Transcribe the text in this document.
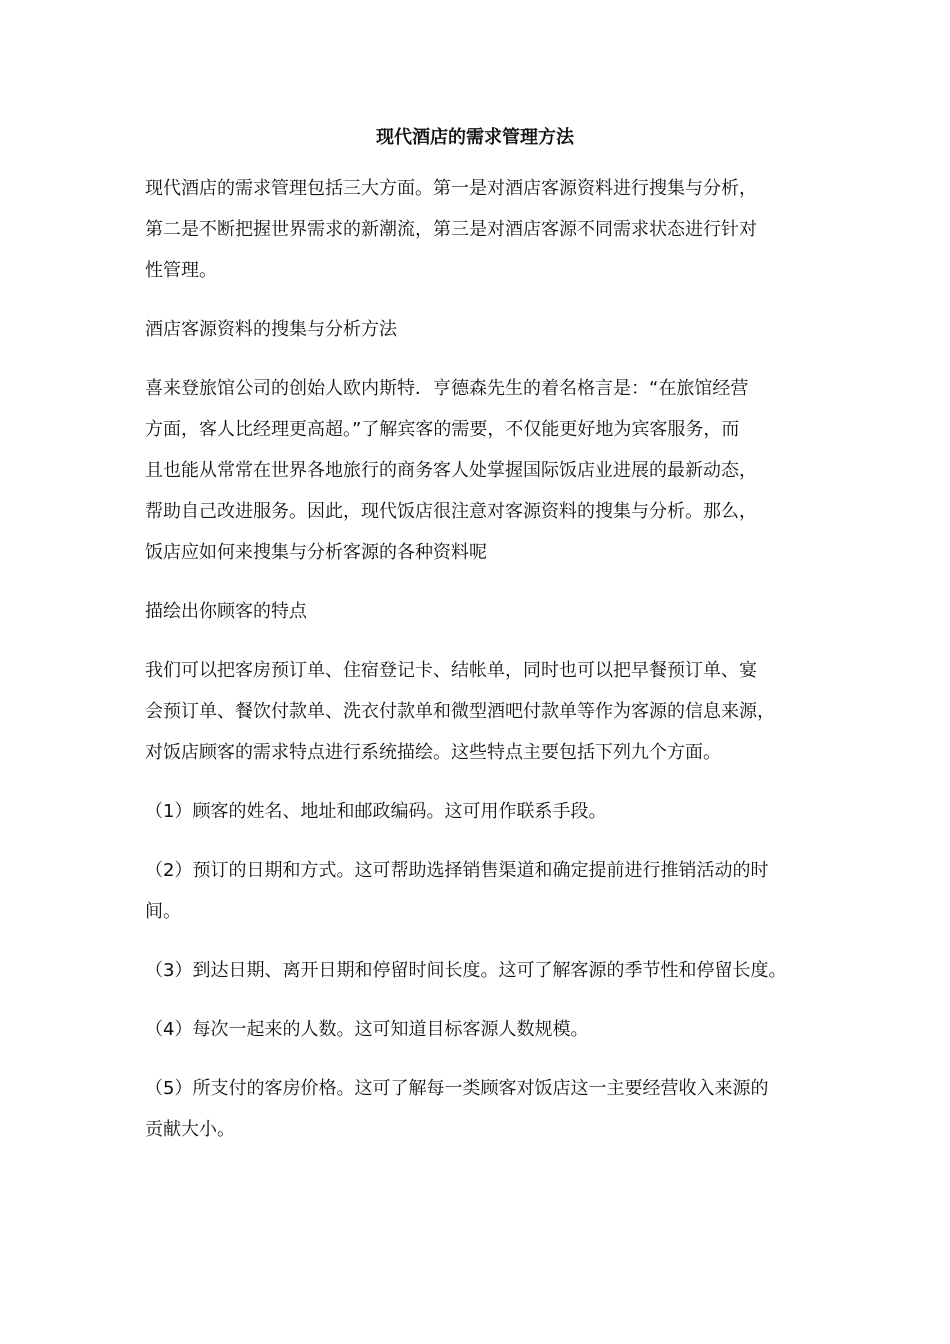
现代酒店的需求管理方法

现代酒店的需求管理包括三大方面。第一是对酒店客源资料进行搜集与分析，
第二是不断把握世界需求的新潮流，第三是对酒店客源不同需求状态进行针对
性管理。

酒店客源资料的搜集与分析方法

喜来登旅馆公司的创始人欧内斯特．亨德森先生的着名格言是：“在旅馆经营
方面，客人比经理更高超。”了解宾客的需要，不仅能更好地为宾客服务，而
且也能从常常在世界各地旅行的商务客人处掌握国际饭店业进展的最新动态，
帮助自己改进服务。因此，现代饭店很注意对客源资料的搜集与分析。那么，
饭店应如何来搜集与分析客源的各种资料呢

描绘出你顾客的特点

我们可以把客房预订单、住宿登记卡、结帐单，同时也可以把早餐预订单、宴
会预订单、餐饮付款单、洗衣付款单和微型酒吧付款单等作为客源的信息来源，
对饭店顾客的需求特点进行系统描绘。这些特点主要包括下列九个方面。

（1）顾客的姓名、地址和邮政编码。这可用作联系手段。

（2）预订的日期和方式。这可帮助选择销售渠道和确定提前进行推销活动的时
间。

（3）到达日期、离开日期和停留时间长度。这可了解客源的季节性和停留长度。

（4）每次一起来的人数。这可知道目标客源人数规模。

（5）所支付的客房价格。这可了解每一类顾客对饭店这一主要经营收入来源的
贡献大小。
